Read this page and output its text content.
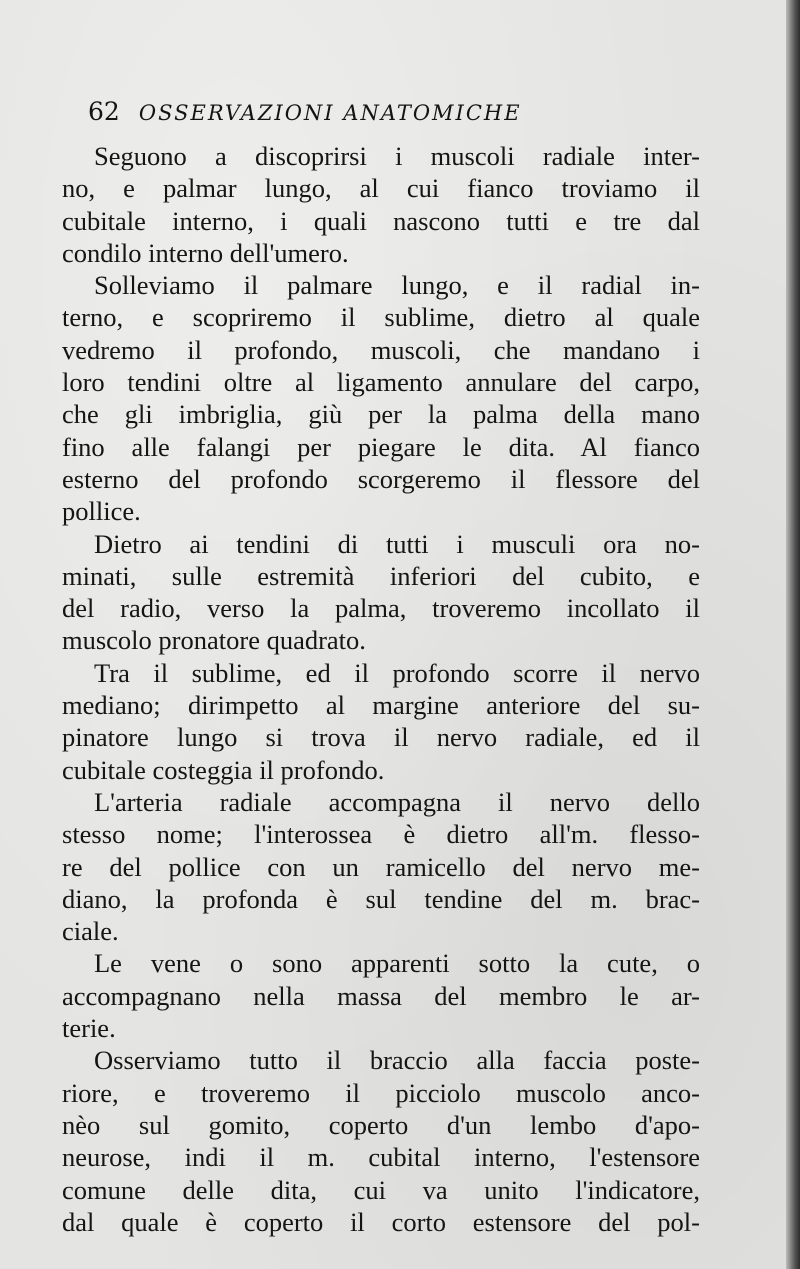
62 OSSERVAZIONI ANATOMICHE
Seguono a discoprirsi i muscoli radiale inter-
no, e palmar lungo, al cui fianco troviamo il
cubitale interno, i quali nascono tutti e tre dal
condilo interno dell'umero.
Solleviamo il palmare lungo, e il radial in-
terno, e scopriremo il sublime, dietro al quale
vedremo il profondo, muscoli, che mandano i
loro tendini oltre al ligamento annulare del carpo,
che gli imbriglia, giù per la palma della mano
fino alle falangi per piegare le dita. Al fianco
esterno del profondo scorgeremo il flessore del
pollice.
Dietro ai tendini di tutti i musculi ora no-
minati, sulle estremità inferiori del cubito, e
del radio, verso la palma, troveremo incollato il
muscolo pronatore quadrato.
Tra il sublime, ed il profondo scorre il nervo
mediano; dirimpetto al margine anteriore del su-
pinatore lungo si trova il nervo radiale, ed il
cubitale costeggia il profondo.
L'arteria radiale accompagna il nervo dello
stesso nome; l'interossea è dietro all'm. flesso-
re del pollice con un ramicello del nervo me-
diano, la profonda è sul tendine del m. brac-
ciale.
Le vene o sono apparenti sotto la cute, o
accompagnano nella massa del membro le ar-
terie.
Osserviamo tutto il braccio alla faccia poste-
riore, e troveremo il picciolo muscolo anco-
nèo sul gomito, coperto d'un lembo d'apo-
neurose, indi il m. cubital interno, l'estensore
comune delle dita, cui va unito l'indicatore,
dal quale è coperto il corto estensore del pol-
